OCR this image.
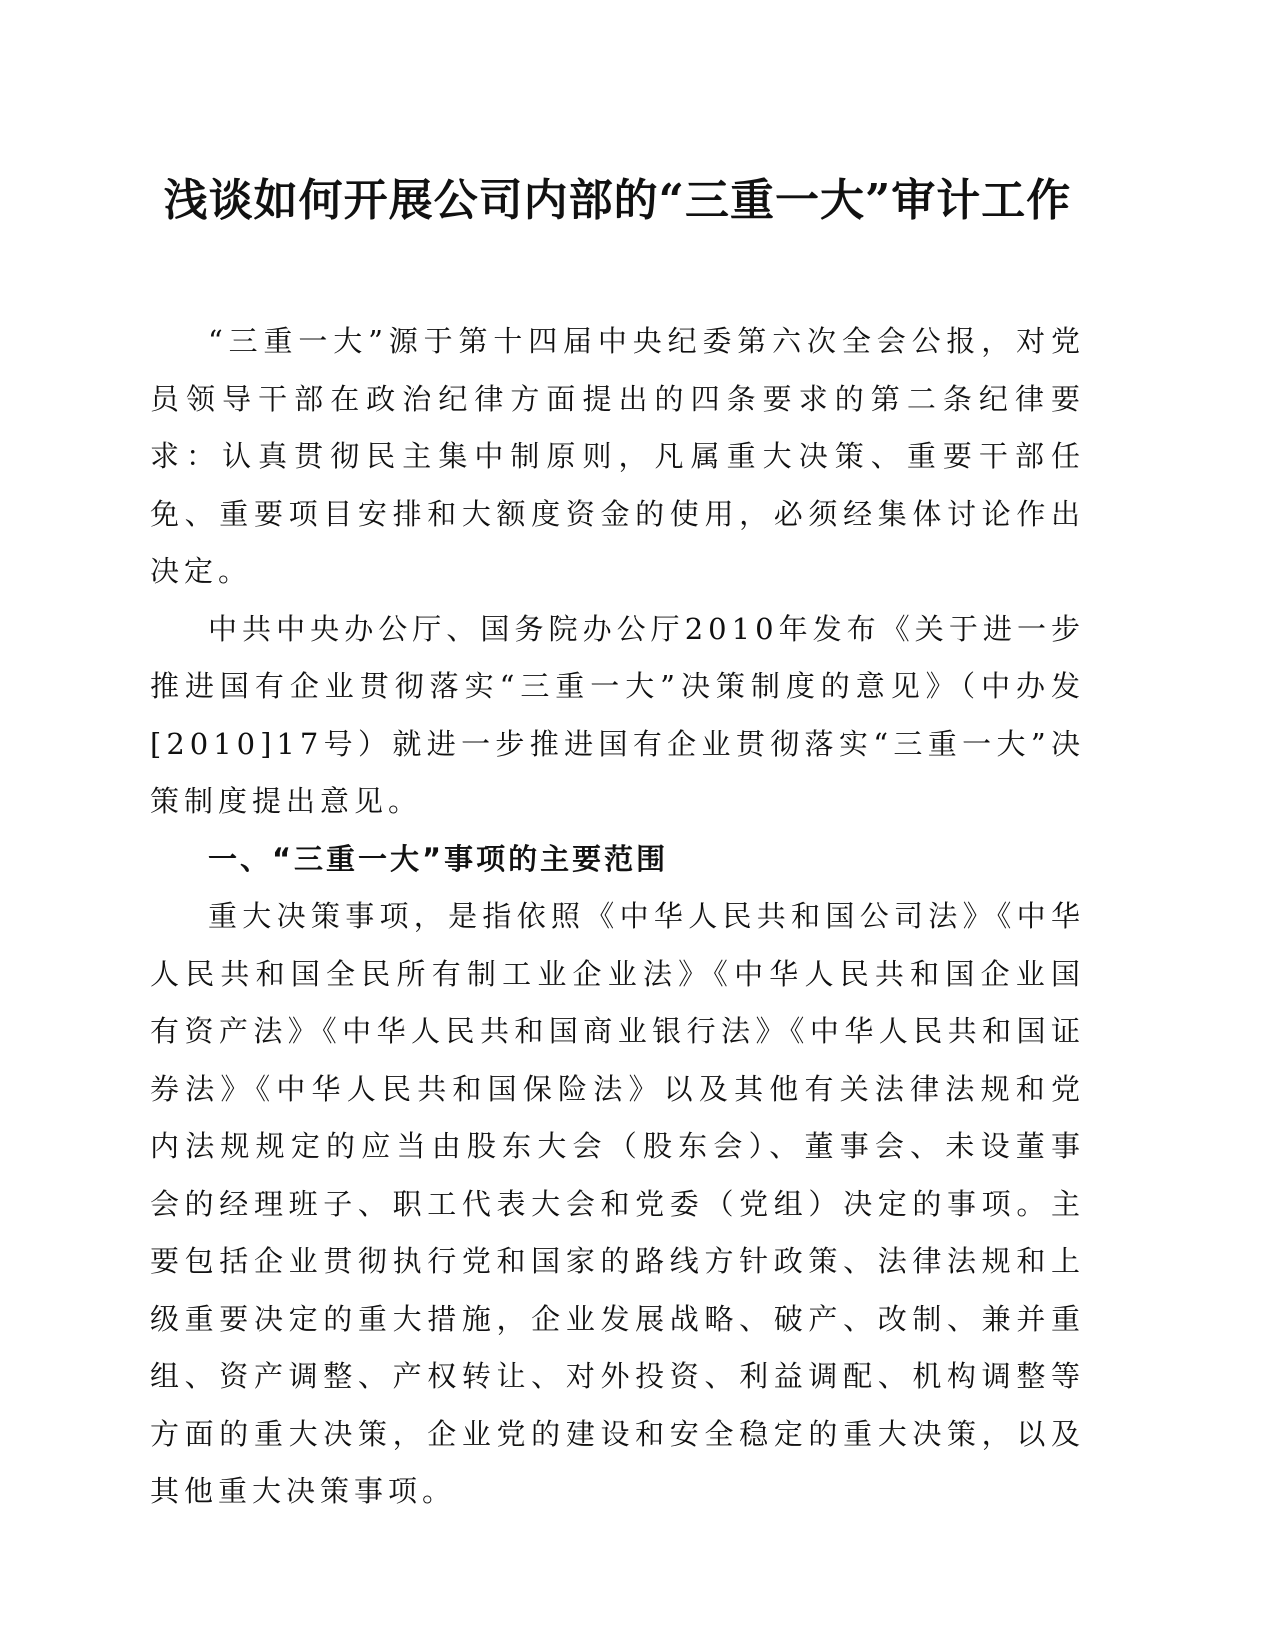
浅谈如何开展公司内部的“三重一大”审计工作

“三重一大”源于第十四届中央纪委第六次全会公报，对党员领导干部在政治纪律方面提出的四条要求的第二条纪律要求：认真贯彻民主集中制原则，凡属重大决策、重要干部任免、重要项目安排和大额度资金的使用，必须经集体讨论作出决定。

中共中央办公厅、国务院办公厅2010年发布《关于进一步推进国有企业贯彻落实“三重一大”决策制度的意见》（中办发[2010]17号）就进一步推进国有企业贯彻落实“三重一大”决策制度提出意见。

一、“三重一大”事项的主要范围

重大决策事项，是指依照《中华人民共和国公司法》《中华人民共和国全民所有制工业企业法》《中华人民共和国企业国有资产法》《中华人民共和国商业银行法》《中华人民共和国证券法》《中华人民共和国保险法》以及其他有关法律法规和党内法规规定的应当由股东大会（股东会）、董事会、未设董事会的经理班子、职工代表大会和党委（党组）决定的事项。主要包括企业贯彻执行党和国家的路线方针政策、法律法规和上级重要决定的重大措施，企业发展战略、破产、改制、兼并重组、资产调整、产权转让、对外投资、利益调配、机构调整等方面的重大决策，企业党的建设和安全稳定的重大决策，以及其他重大决策事项。
